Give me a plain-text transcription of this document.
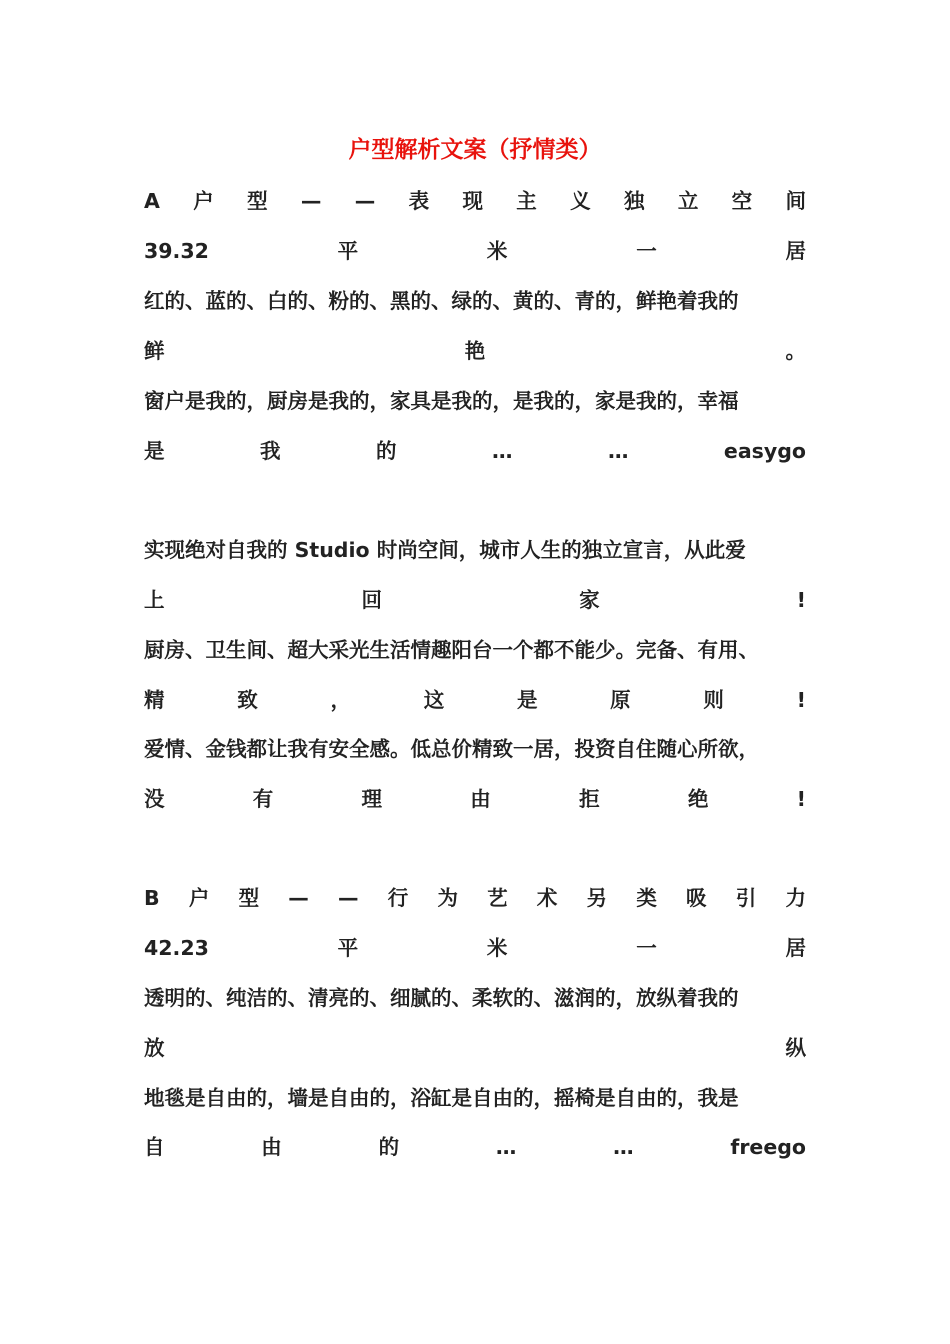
户型解析文案（抒情类）
A 户 型 — — 表 现 主 义 独 立 空 间
39.32	平	米	一	居
红的、蓝的、白的、粉的、黑的、绿的、黄的、青的，鲜艳着我的
鲜	艳	。
窗户是我的，厨房是我的，家具是我的，是我的，家是我的，幸福
是	我	的	…	…	easygo
实现绝对自我的 Studio 时尚空间，城市人生的独立宣言，从此爱
上	回	家	!
厨房、卫生间、超大采光生活情趣阳台一个都不能少。完备、有用、
精	致	，	这	是	原	则	!
爱情、金钱都让我有安全感。低总价精致一居，投资自住随心所欲，
没	有	理	由	拒	绝	!
B 户 型 — — 行 为 艺 术 另 类 吸 引 力
42.23	平	米	一	居
透明的、纯洁的、清亮的、细腻的、柔软的、滋润的，放纵着我的
放	纵
地毯是自由的，墙是自由的，浴缸是自由的，摇椅是自由的，我是
自	由	的	…	…	freego
